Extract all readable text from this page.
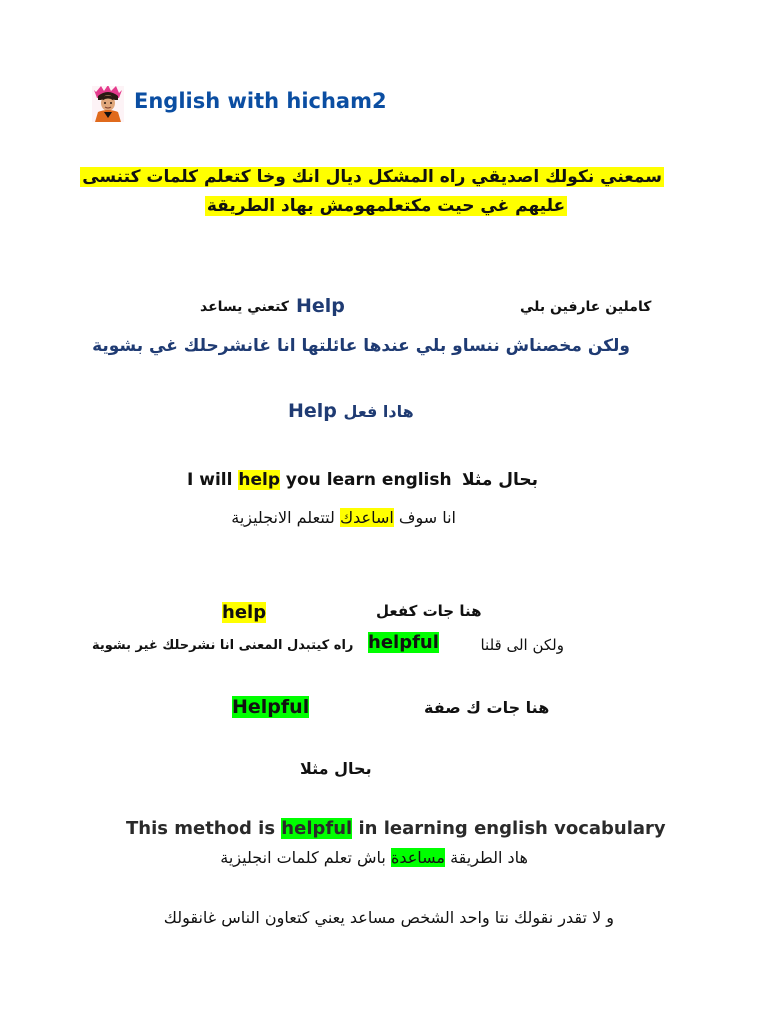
English with hicham2
سمعني نكولك اصديقي راه المشكل ديال انك وخا كتعلم كلمات كتنسى
عليهم غي حيت مكتعلمهومش بهاد الطريقة
كاملين عارفين بلي
Help
كتعني يساعد
ولكن مخصناش ننساو بلي عندها عائلتها انا غانشرحلك غي بشوية
Help هادا فعل
بحال مثلا
I will help you learn english
انا سوف اساعدك لتتعلم الانجليزية
help	هنا جات كفعل
ولكن الى قلنا
helpful
راه كيتبدل المعنى انا نشرحلك غير بشوية
Helpful	هنا جات ك صفة
بحال مثلا
This method is helpful in learning english vocabulary
هاد الطريقة مساعدة باش تعلم كلمات انجليزية
و لا تقدر نقولك نتا واحد الشخص مساعد يعني كتعاون الناس غانقولك
